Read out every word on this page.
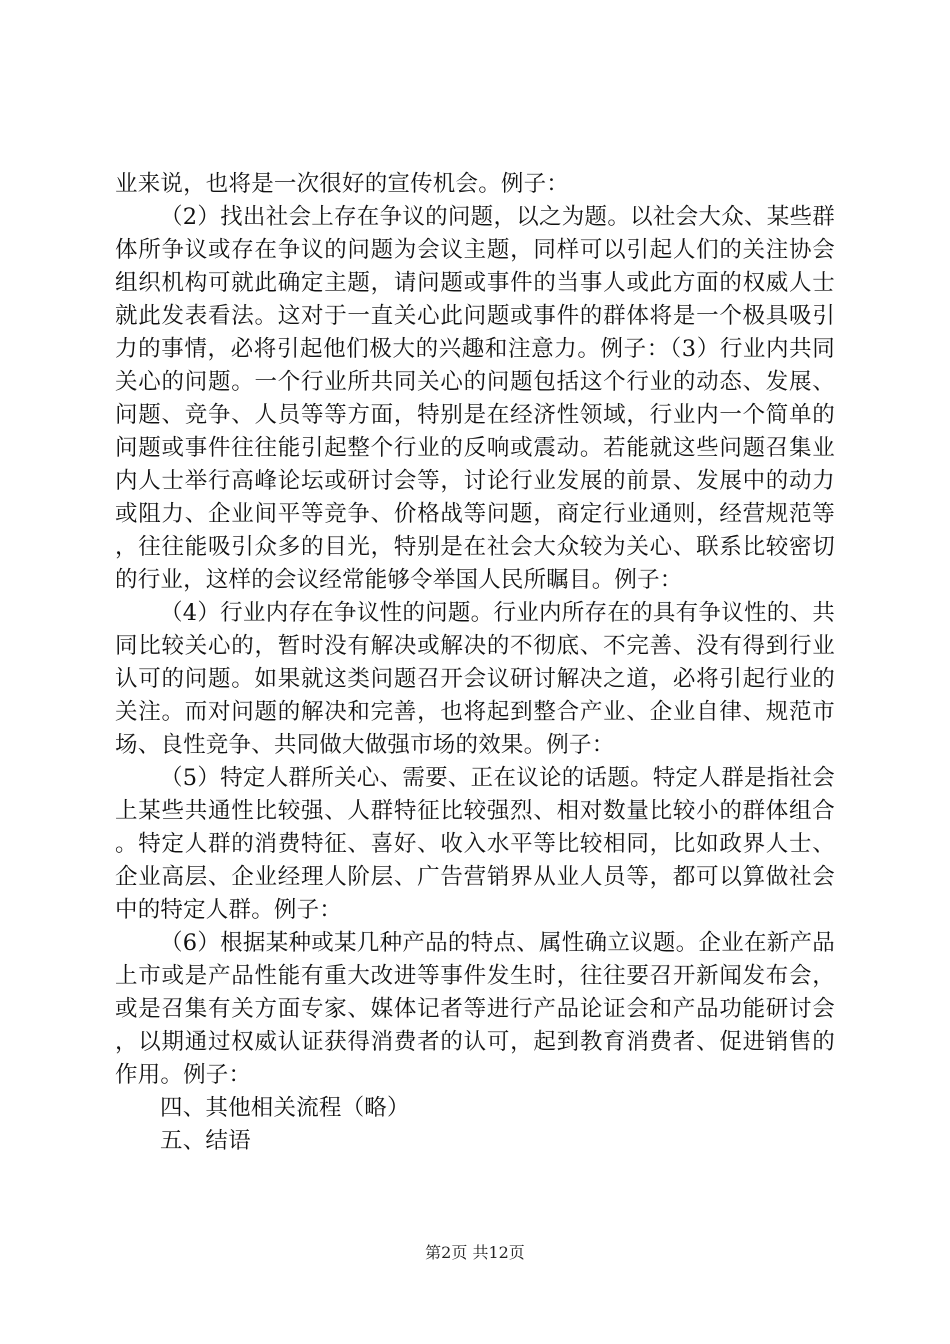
业来说，也将是一次很好的宣传机会。例子：

（2）找出社会上存在争议的问题，以之为题。以社会大众、某些群体所争议或存在争议的问题为会议主题，同样可以引起人们的关注协会组织机构可就此确定主题，请问题或事件的当事人或此方面的权威人士就此发表看法。这对于一直关心此问题或事件的群体将是一个极具吸引力的事情，必将引起他们极大的兴趣和注意力。例子：（3）行业内共同关心的问题。一个行业所共同关心的问题包括这个行业的动态、发展、问题、竞争、人员等等方面，特别是在经济性领域，行业内一个简单的问题或事件往往能引起整个行业的反响或震动。若能就这些问题召集业内人士举行高峰论坛或研讨会等，讨论行业发展的前景、发展中的动力或阻力、企业间平等竞争、价格战等问题，商定行业通则，经营规范等，往往能吸引众多的目光，特别是在社会大众较为关心、联系比较密切的行业，这样的会议经常能够令举国人民所瞩目。例子：

（4）行业内存在争议性的问题。行业内所存在的具有争议性的、共同比较关心的，暂时没有解决或解决的不彻底、不完善、没有得到行业认可的问题。如果就这类问题召开会议研讨解决之道，必将引起行业的关注。而对问题的解决和完善，也将起到整合产业、企业自律、规范市场、良性竞争、共同做大做强市场的效果。例子：

（5）特定人群所关心、需要、正在议论的话题。特定人群是指社会上某些共通性比较强、人群特征比较强烈、相对数量比较小的群体组合。特定人群的消费特征、喜好、收入水平等比较相同，比如政界人士、企业高层、企业经理人阶层、广告营销界从业人员等，都可以算做社会中的特定人群。例子：

（6）根据某种或某几种产品的特点、属性确立议题。企业在新产品上市或是产品性能有重大改进等事件发生时，往往要召开新闻发布会，或是召集有关方面专家、媒体记者等进行产品论证会和产品功能研讨会，以期通过权威认证获得消费者的认可，起到教育消费者、促进销售的作用。例子：

四、其他相关流程（略）

五、结语

第2页 共12页
